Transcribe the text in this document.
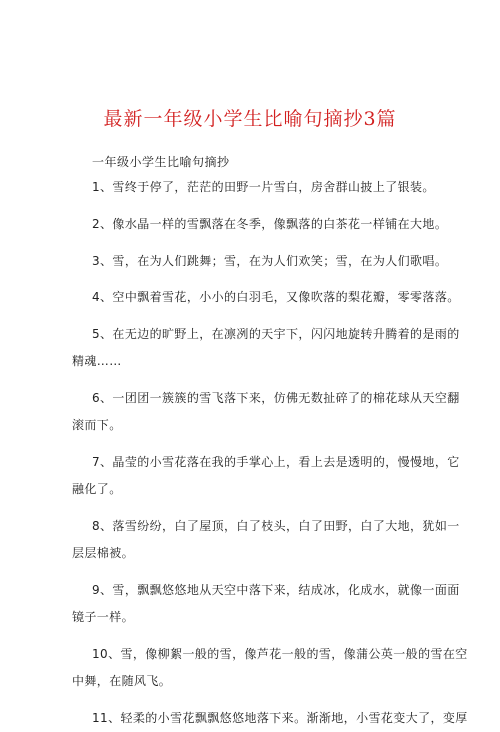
最新一年级小学生比喻句摘抄3篇
一年级小学生比喻句摘抄
1、雪终于停了，茫茫的田野一片雪白，房舍群山披上了银装。
2、像水晶一样的雪飘落在冬季，像飘落的白茶花一样铺在大地。
3、雪，在为人们跳舞；雪，在为人们欢笑；雪，在为人们歌唱。
4、空中飘着雪花，小小的白羽毛，又像吹落的梨花瓣，零零落落。
5、在无边的旷野上，在凛冽的天宇下，闪闪地旋转升腾着的是雨的
精魂……
6、一团团一簇簇的雪飞落下来，仿佛无数扯碎了的棉花球从天空翻
滚而下。
7、晶莹的小雪花落在我的手掌心上，看上去是透明的，慢慢地，它
融化了。
8、落雪纷纷，白了屋顶，白了枝头，白了田野，白了大地，犹如一
层层棉被。
9、雪，飘飘悠悠地从天空中落下来，结成冰，化成水，就像一面面
镜子一样。
10、雪，像柳絮一般的雪，像芦花一般的雪，像蒲公英一般的雪在空
中舞，在随风飞。
11、轻柔的小雪花飘飘悠悠地落下来。渐渐地，小雪花变大了，变厚
